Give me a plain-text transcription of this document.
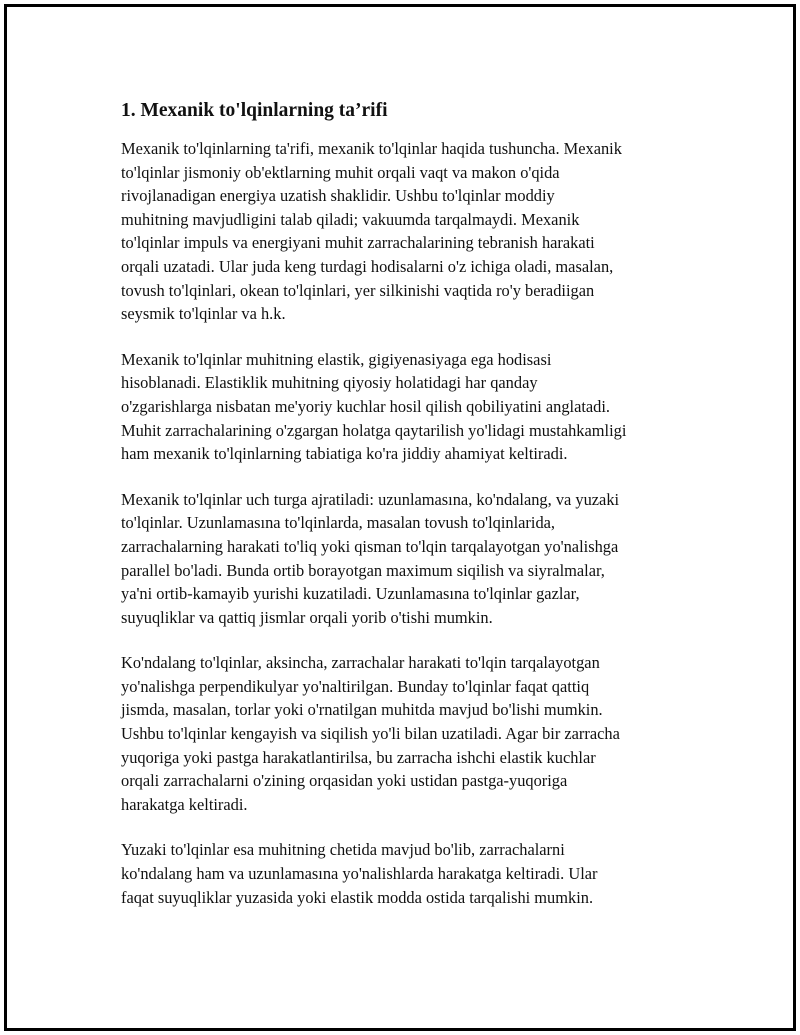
1. Mexanik to'lqinlarning ta’rifi

Mexanik to'lqinlarning ta'rifi, mexanik to'lqinlar haqida tushuncha. Mexanik
to'lqinlar jismoniy ob'ektlarning muhit orqali vaqt va makon o'qida
rivojlanadigan energiya uzatish shaklidir. Ushbu to'lqinlar moddiy
muhitning mavjudligini talab qiladi; vakuumda tarqalmaydi. Mexanik
to'lqinlar impuls va energiyani muhit zarrachalarining tebranish harakati
orqali uzatadi. Ular juda keng turdagi hodisalarni o'z ichiga oladi, masalan,
tovush to'lqinlari, okean to'lqinlari, yer silkinishi vaqtida ro'y beradiigan
seysmik to'lqinlar va h.k.

Mexanik to'lqinlar muhitning elastik, gigiyenasiyaga ega hodisasi
hisoblanadi. Elastiklik muhitning qiyosiy holatidagi har qanday
o'zgarishlarga nisbatan me'yoriy kuchlar hosil qilish qobiliyatini anglatadi.
Muhit zarrachalarining o'zgargan holatga qaytarilish yo'lidagi mustahkamligi
ham mexanik to'lqinlarning tabiatiga ko'ra jiddiy ahamiyat keltiradi.

Mexanik to'lqinlar uch turga ajratiladi: uzunlamasına, ko'ndalang, va yuzaki
to'lqinlar. Uzunlamasına to'lqinlarda, masalan tovush to'lqinlarida,
zarrachalarning harakati to'liq yoki qisman to'lqin tarqalayotgan yo'nalishga
parallel bo'ladi. Bunda ortib borayotgan maximum siqilish va siyralmalar,
ya'ni ortib-kamayib yurishi kuzatiladi. Uzunlamasına to'lqinlar gazlar,
suyuqliklar va qattiq jismlar orqali yorib o'tishi mumkin.

Ko'ndalang to'lqinlar, aksincha, zarrachalar harakati to'lqin tarqalayotgan
yo'nalishga perpendikulyar yo'naltirilgan. Bunday to'lqinlar faqat qattiq
jismda, masalan, torlar yoki o'rnatilgan muhitda mavjud bo'lishi mumkin.
Ushbu to'lqinlar kengayish va siqilish yo'li bilan uzatiladi. Agar bir zarracha
yuqoriga yoki pastga harakatlantirilsa, bu zarracha ishchi elastik kuchlar
orqali zarrachalarni o'zining orqasidan yoki ustidan pastga-yuqoriga
harakatga keltiradi.

Yuzaki to'lqinlar esa muhitning chetida mavjud bo'lib, zarrachalarni
ko'ndalang ham va uzunlamasına yo'nalishlarda harakatga keltiradi. Ular
faqat suyuqliklar yuzasida yoki elastik modda ostida tarqalishi mumkin.
